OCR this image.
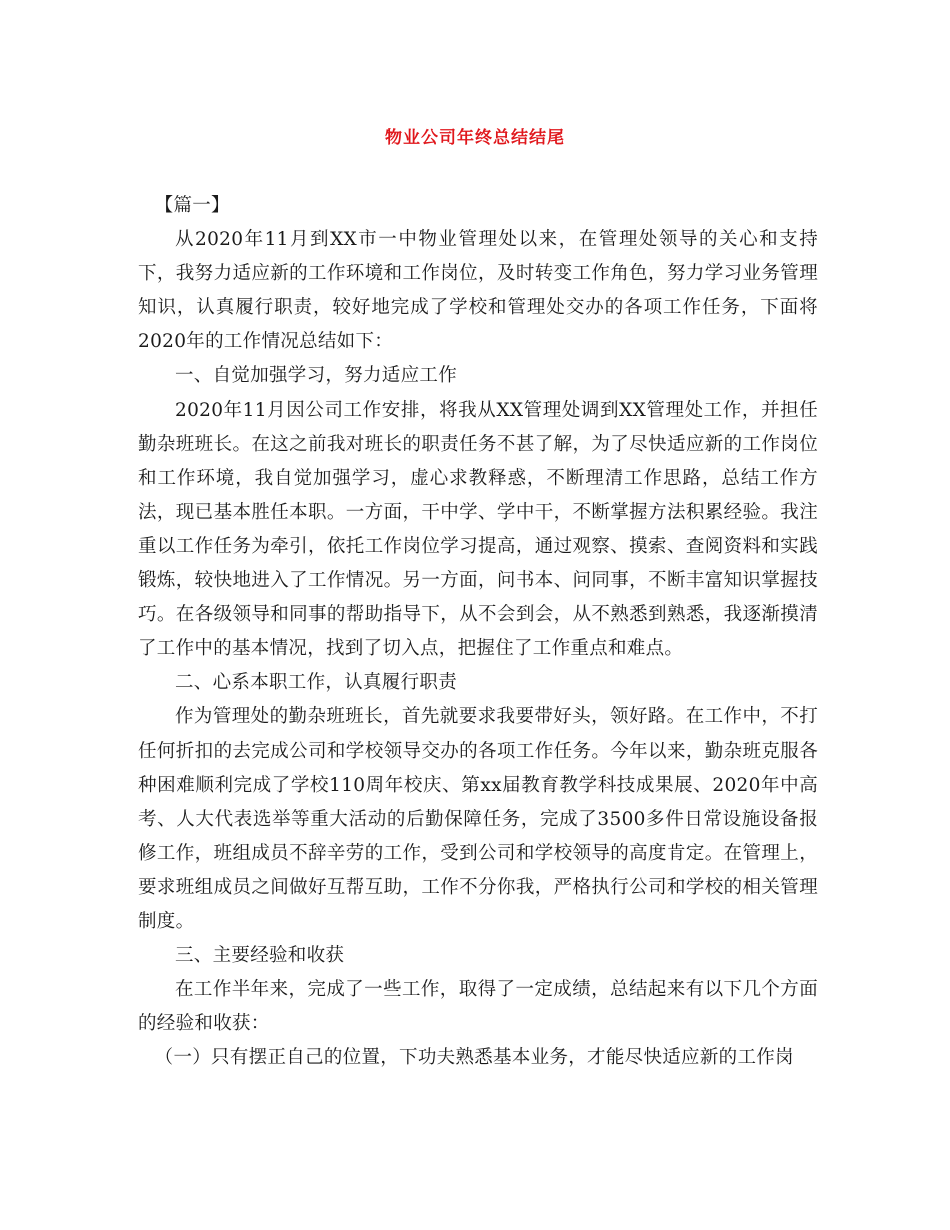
物业公司年终总结结尾

【篇一】

从2020年11月到XX市一中物业管理处以来，在管理处领导的关心和支持下，我努力适应新的工作环境和工作岗位，及时转变工作角色，努力学习业务管理知识，认真履行职责，较好地完成了学校和管理处交办的各项工作任务，下面将2020年的工作情况总结如下：

一、自觉加强学习，努力适应工作

2020年11月因公司工作安排，将我从XX管理处调到XX管理处工作，并担任勤杂班班长。在这之前我对班长的职责任务不甚了解，为了尽快适应新的工作岗位和工作环境，我自觉加强学习，虚心求教释惑，不断理清工作思路，总结工作方法，现已基本胜任本职。一方面，干中学、学中干，不断掌握方法积累经验。我注重以工作任务为牵引，依托工作岗位学习提高，通过观察、摸索、查阅资料和实践锻炼，较快地进入了工作情况。另一方面，问书本、问同事，不断丰富知识掌握技巧。在各级领导和同事的帮助指导下，从不会到会，从不熟悉到熟悉，我逐渐摸清了工作中的基本情况，找到了切入点，把握住了工作重点和难点。

二、心系本职工作，认真履行职责

作为管理处的勤杂班班长，首先就要求我要带好头，领好路。在工作中，不打任何折扣的去完成公司和学校领导交办的各项工作任务。今年以来，勤杂班克服各种困难顺利完成了学校110周年校庆、第xx届教育教学科技成果展、2020年中高考、人大代表选举等重大活动的后勤保障任务，完成了3500多件日常设施设备报修工作，班组成员不辞辛劳的工作，受到公司和学校领导的高度肯定。在管理上，要求班组成员之间做好互帮互助，工作不分你我，严格执行公司和学校的相关管理制度。

三、主要经验和收获

在工作半年来，完成了一些工作，取得了一定成绩，总结起来有以下几个方面的经验和收获：

（一）只有摆正自己的位置，下功夫熟悉基本业务，才能尽快适应新的工作岗
